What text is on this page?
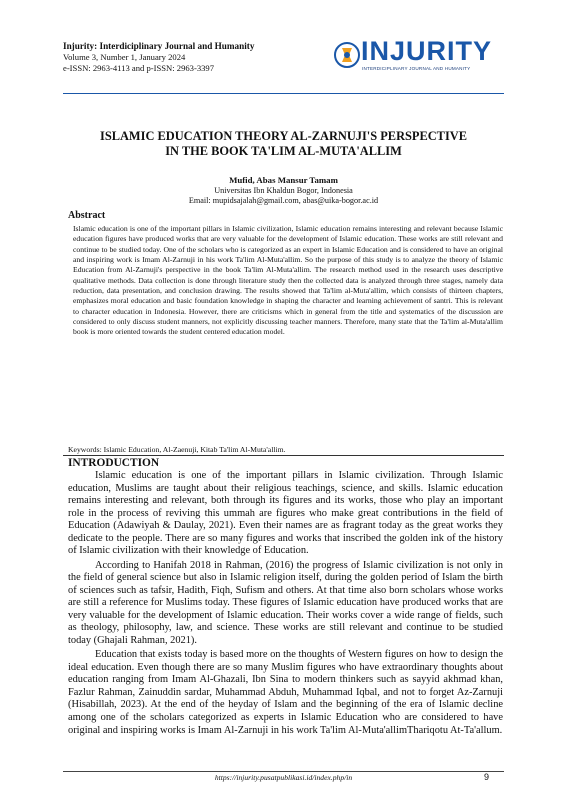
Injurity: Interdiciplinary Journal and Humanity

Volume 3, Number 1, January 2024

e-ISSN: 2963-4113 and p-ISSN: 2963-3397

INJURITY
INTERDICIPLINARY JOURNAL AND HUMANITY
ISLAMIC EDUCATION THEORY AL-ZARNUJI'S PERSPECTIVE
IN THE BOOK TA'LIM AL-MUTA'ALLIM

Mufid, Abas Mansur Tamam

Universitas Ibn Khaldun Bogor, Indonesia

Email: mupidsajalah@gmail.com, abas@uika-bogor.ac.id

Abstract

Islamic education is one of the important pillars in Islamic civilization, Islamic education remains interesting and relevant because Islamic education figures have produced works that are very valuable for the development of Islamic education. These works are still relevant and continue to be studied today. One of the scholars who is categorized as an expert in Islamic Education and is considered to have an original and inspiring work is Imam Al-Zarnuji in his work Ta'lim Al-Muta'allim. So the purpose of this study is to analyze the theory of Islamic Education from Al-Zarnuji's perspective in the book Ta'lim Al-Muta'allim. The research method used in the research uses descriptive qualitative methods. Data collection is done through literature study then the collected data is analyzed through three stages, namely data reduction, data presentation, and conclusion drawing. The results showed that Ta'lim al-Muta'allim, which consists of thirteen chapters, emphasizes moral education and basic foundation knowledge in shaping the character and learning achievement of santri. This is relevant to character education in Indonesia. However, there are criticisms which in general from the title and systematics of the discussion are considered to only discuss student manners, not explicitly discussing teacher manners. Therefore, many state that the Ta'lim al-Muta'allim book is more oriented towards the student centered education model.

Keywords: Islamic Education, Al-Zaenuji, Kitab Ta'lim Al-Muta'allim.

INTRODUCTION

Islamic education is one of the important pillars in Islamic civilization. Through Islamic education, Muslims are taught about their religious teachings, science, and skills. Islamic education remains interesting and relevant, both through its figures and its works, those who play an important role in the process of reviving this ummah are figures who make great contributions in the field of Education (Adawiyah & Daulay, 2021). Even their names are as fragrant today as the great works they dedicate to the people. There are so many figures and works that inscribed the golden ink of the history of Islamic civilization with their knowledge of Education.

According to Hanifah 2018 in Rahman, (2016) the progress of Islamic civilization is not only in the field of general science but also in Islamic religion itself, during the golden period of Islam the birth of sciences such as tafsir, Hadith, Fiqh, Sufism and others. At that time also born scholars whose works are still a reference for Muslims today. These figures of Islamic education have produced works that are very valuable for the development of Islamic education. Their works cover a wide range of fields, such as theology, philosophy, law, and science. These works are still relevant and continue to be studied today (Ghajali Rahman, 2021).

Education that exists today is based more on the thoughts of Western figures on how to design the ideal education. Even though there are so many Muslim figures who have extraordinary thoughts about education ranging from Imam Al-Ghazali, Ibn Sina to modern thinkers such as sayyid akhmad khan, Fazlur Rahman, Zainuddin sardar, Muhammad Abduh, Muhammad Iqbal, and not to forget Az-Zarnuji (Hisabillah, 2023). At the end of the heyday of Islam and the beginning of the era of Islamic decline among one of the scholars categorized as experts in Islamic Education who are considered to have original and inspiring works is Imam Al-Zarnuji in his work Ta'lim Al-Muta'allimThariqotu At-Ta'allum.

https://injurity.pusatpublikasi.id/index.php/in	9
